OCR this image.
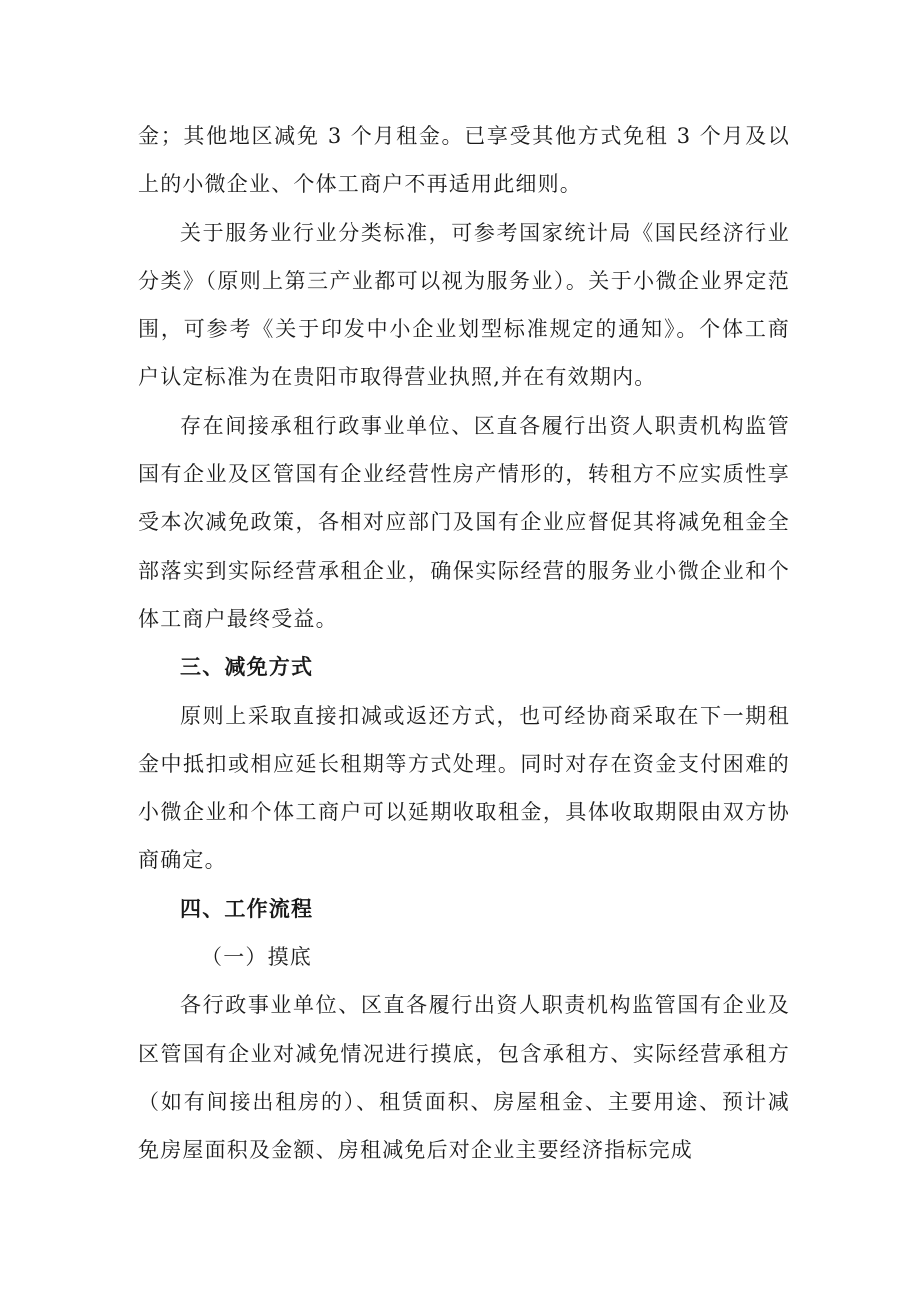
金；其他地区减免 3 个月租金。已享受其他方式免租 3 个月及以上的小微企业、个体工商户不再适用此细则。

关于服务业行业分类标准，可参考国家统计局《国民经济行业分类》（原则上第三产业都可以视为服务业）。关于小微企业界定范围，可参考《关于印发中小企业划型标准规定的通知》。个体工商户认定标准为在贵阳市取得营业执照,并在有效期内。

存在间接承租行政事业单位、区直各履行出资人职责机构监管国有企业及区管国有企业经营性房产情形的，转租方不应实质性享受本次减免政策，各相对应部门及国有企业应督促其将减免租金全部落实到实际经营承租企业，确保实际经营的服务业小微企业和个体工商户最终受益。

三、减免方式

原则上采取直接扣减或返还方式，也可经协商采取在下一期租金中抵扣或相应延长租期等方式处理。同时对存在资金支付困难的小微企业和个体工商户可以延期收取租金，具体收取期限由双方协商确定。

四、工作流程

（一）摸底

各行政事业单位、区直各履行出资人职责机构监管国有企业及区管国有企业对减免情况进行摸底，包含承租方、实际经营承租方（如有间接出租房的）、租赁面积、房屋租金、主要用途、预计减免房屋面积及金额、房租减免后对企业主要经济指标完成
